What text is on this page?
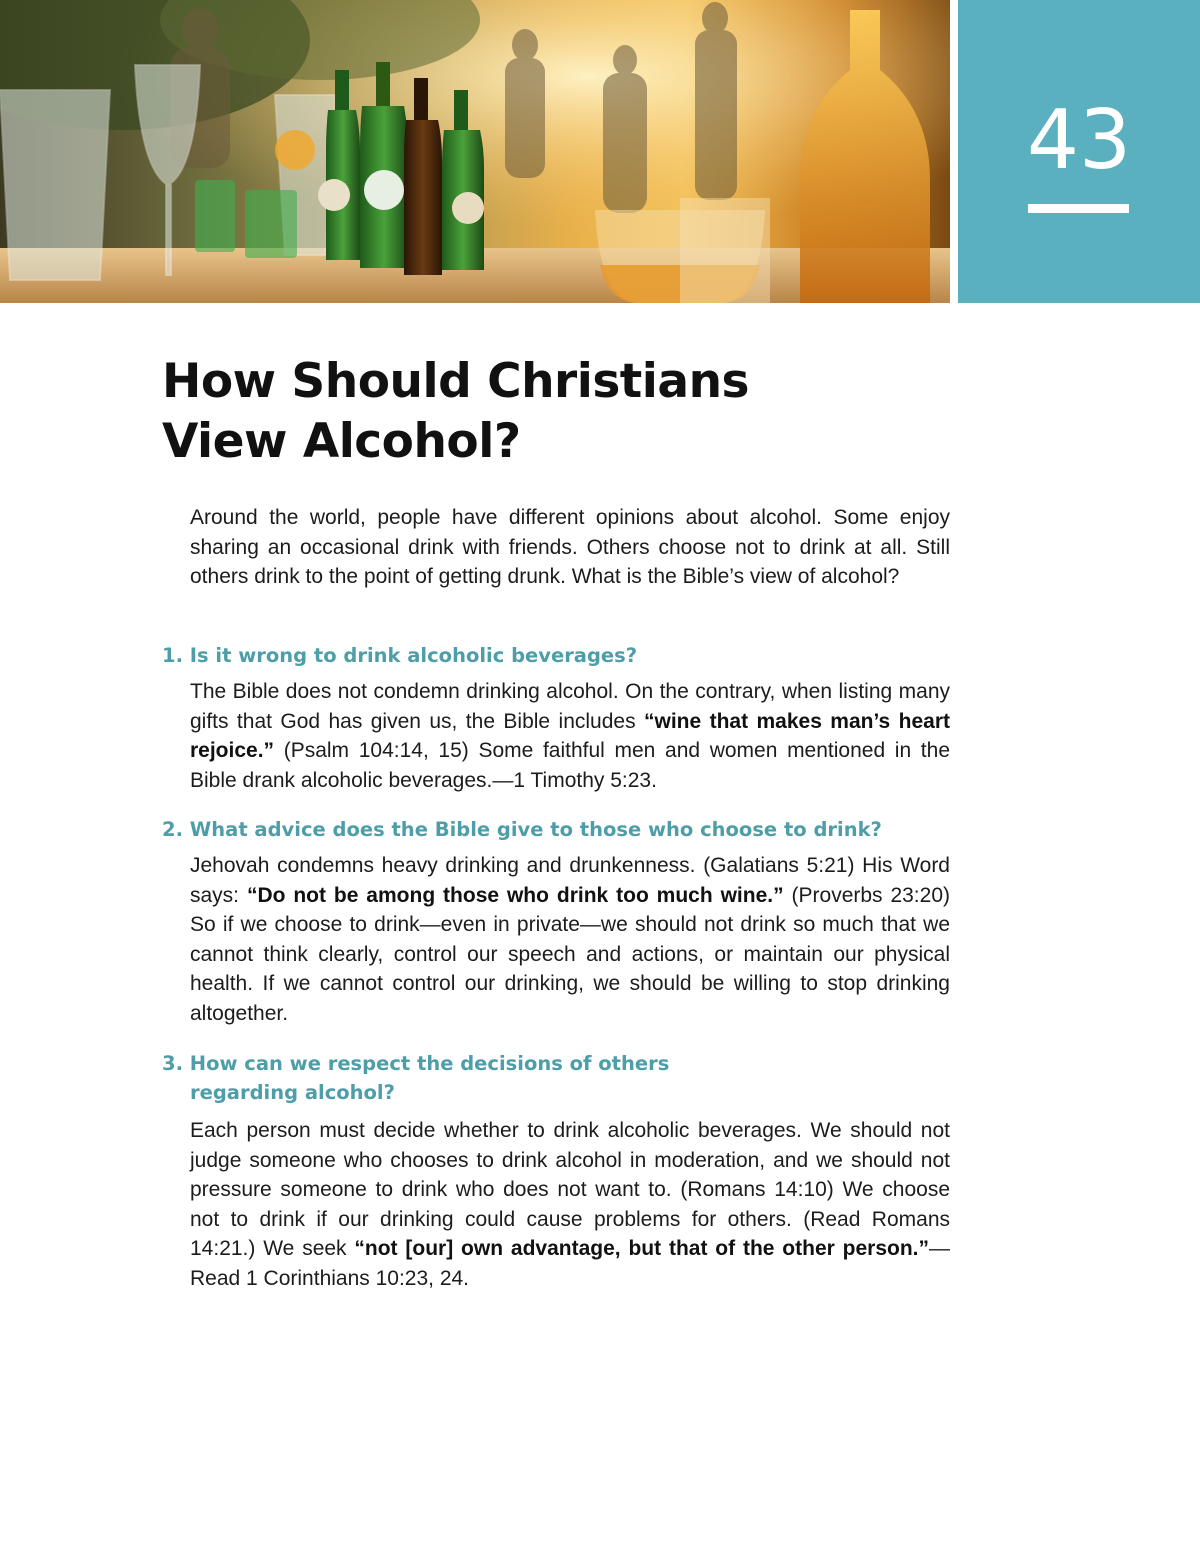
43
How Should Christians
View Alcohol?

Around the world, people have different opinions about alcohol. Some enjoy sharing an occasional drink with friends. Others choose not to drink at all. Still others drink to the point of getting drunk. What is the Bible’s view of alcohol?

1. Is it wrong to drink alcoholic beverages?

The Bible does not condemn drinking alcohol. On the contrary, when listing many gifts that God has given us, the Bible includes “wine that makes man’s heart rejoice.” (Psalm 104:14, 15) Some faithful men and women mentioned in the Bible drank alcoholic beverages.—1 Timothy 5:23.

2. What advice does the Bible give to those who choose to drink?

Jehovah condemns heavy drinking and drunkenness. (Galatians 5:21) His Word says: “Do not be among those who drink too much wine.” (Proverbs 23:20) So if we choose to drink—even in private—we should not drink so much that we cannot think clearly, control our speech and actions, or maintain our physical health. If we cannot control our drinking, we should be willing to stop drinking altogether.

3. How can we respect the decisions of others
regarding alcohol?

Each person must decide whether to drink alcoholic beverages. We should not judge someone who chooses to drink alcohol in moderation, and we should not pressure someone to drink who does not want to. (Romans 14:10) We choose not to drink if our drinking could cause problems for others. (Read Romans 14:21.) We seek “not [our] own advantage, but that of the other person.”—Read 1 Corinthians 10:23, 24.
